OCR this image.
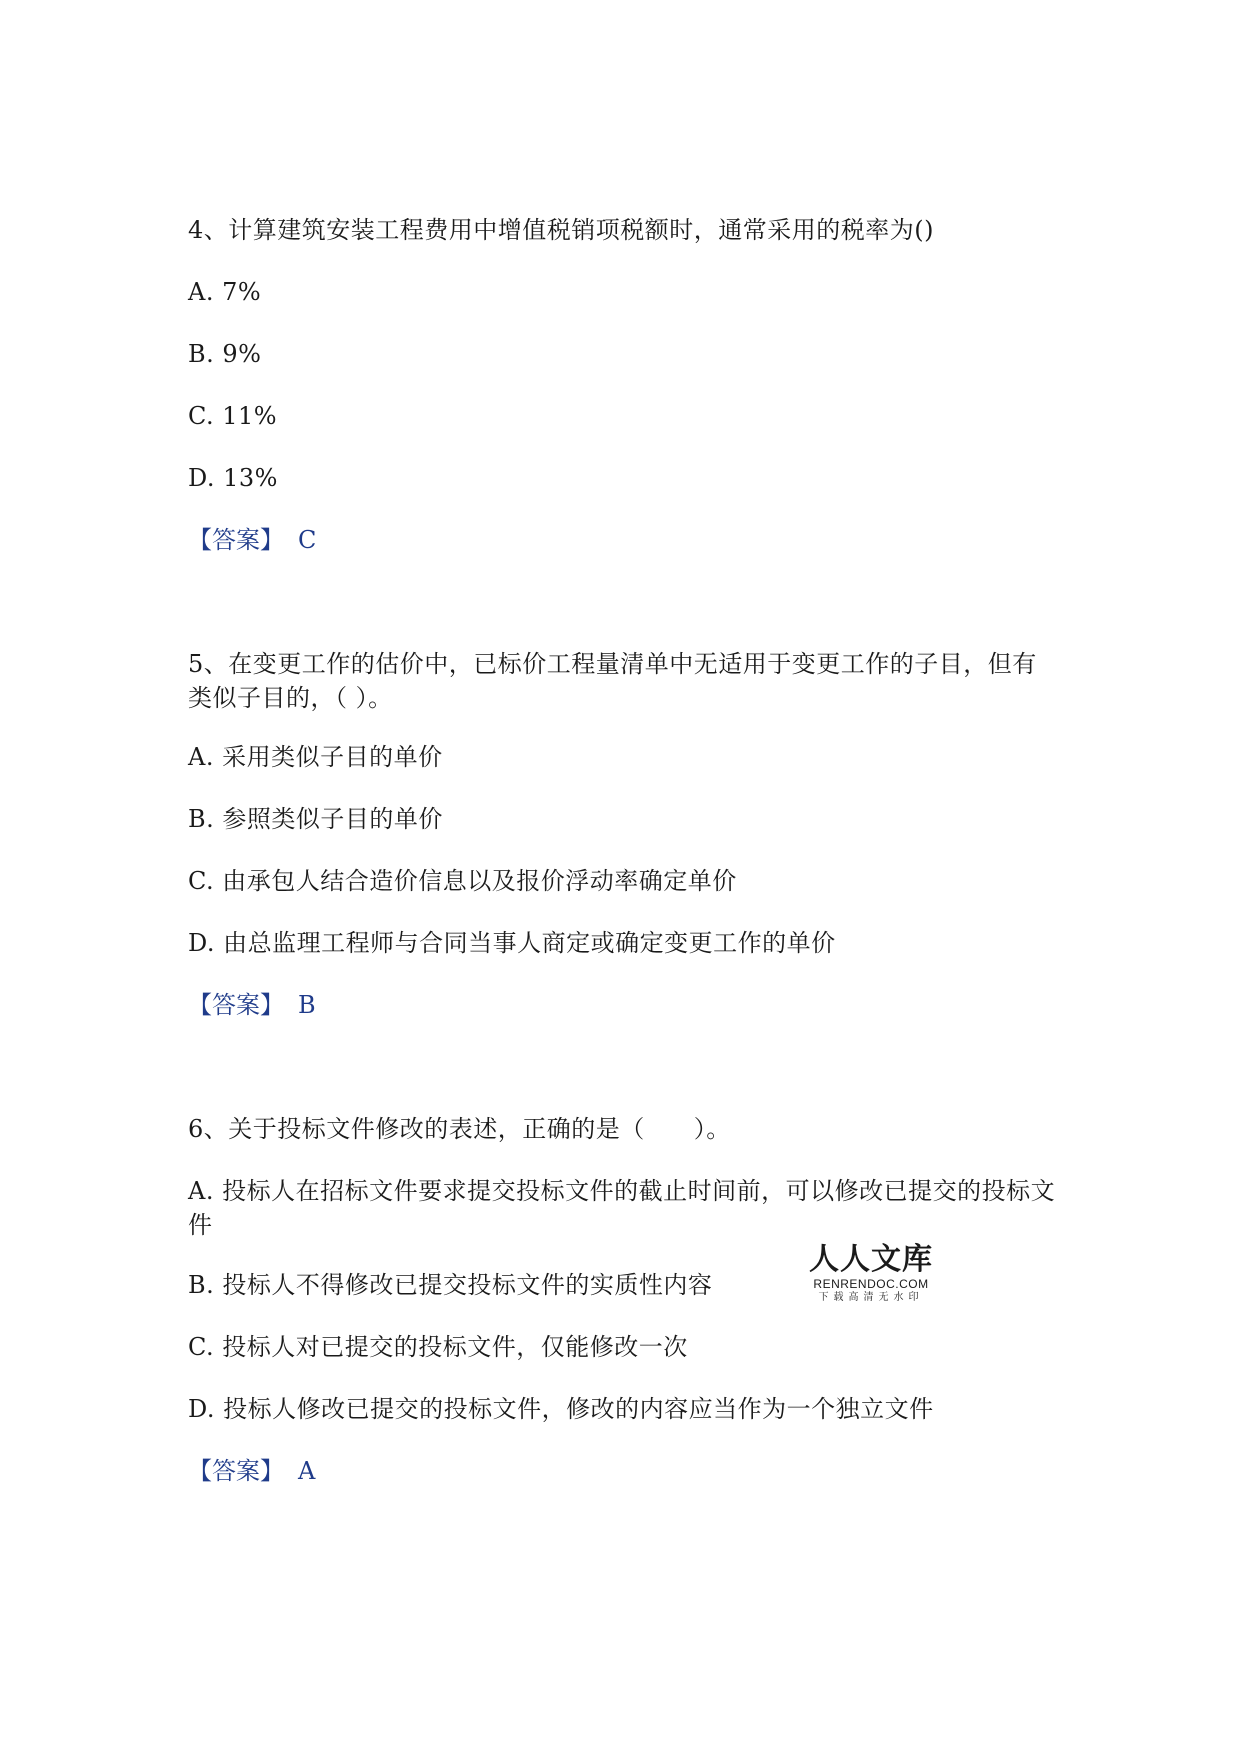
4、计算建筑安装工程费用中增值税销项税额时，通常采用的税率为()
A. 7%
B. 9%
C. 11%
D. 13%
【答案】 C
5、在变更工作的估价中，已标价工程量清单中无适用于变更工作的子目，但有类似子目的，（ ）。
A. 采用类似子目的单价
B. 参照类似子目的单价
C. 由承包人结合造价信息以及报价浮动率确定单价
D. 由总监理工程师与合同当事人商定或确定变更工作的单价
【答案】 B
6、关于投标文件修改的表述，正确的是（　　）。
A. 投标人在招标文件要求提交投标文件的截止时间前，可以修改已提交的投标文件
B. 投标人不得修改已提交投标文件的实质性内容
C. 投标人对已提交的投标文件，仅能修改一次
D. 投标人修改已提交的投标文件，修改的内容应当作为一个独立文件
【答案】 A
人人文库
RENRENDOC.COM
下载高清无水印
